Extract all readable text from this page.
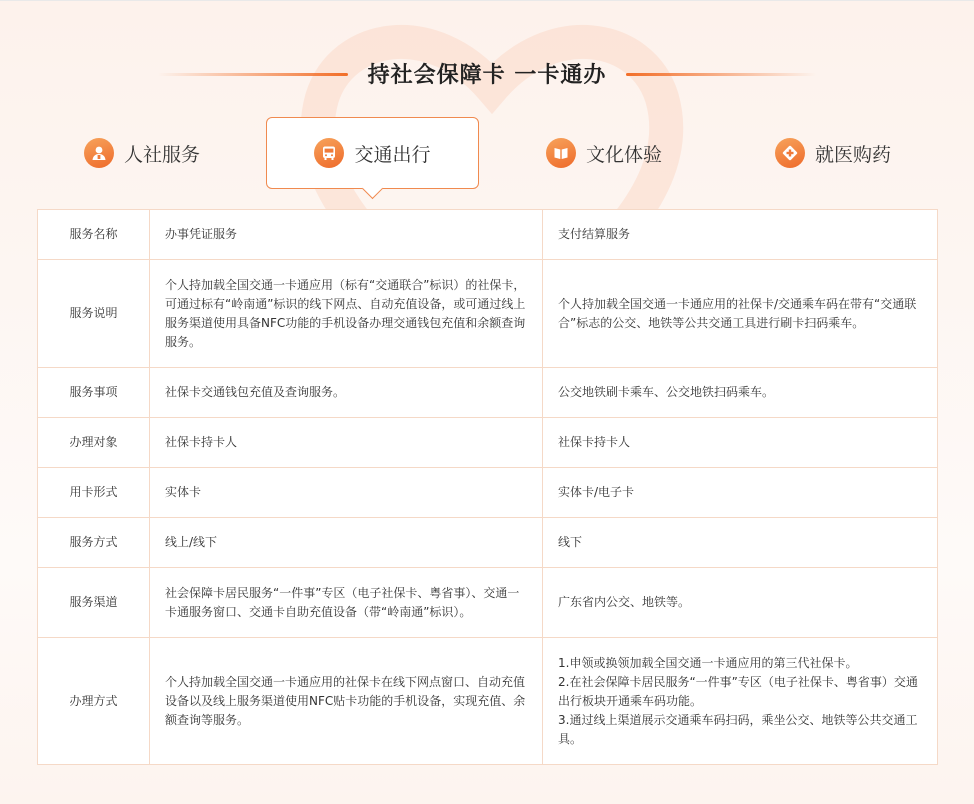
持社会保障卡 一卡通办
人社服务	交通出行	文化体验	就医购药
服务名称	办事凭证服务	支付结算服务
服务说明	个人持加载全国交通一卡通应用（标有“交通联合”标识）的社保卡，可通过标有“岭南通”标识的线下网点、自动充值设备，或可通过线上服务渠道使用具备NFC功能的手机设备办理交通钱包充值和余额查询服务。	个人持加载全国交通一卡通应用的社保卡/交通乘车码在带有“交通联合”标志的公交、地铁等公共交通工具进行刷卡扫码乘车。
服务事项	社保卡交通钱包充值及查询服务。	公交地铁刷卡乘车、公交地铁扫码乘车。
办理对象	社保卡持卡人	社保卡持卡人
用卡形式	实体卡	实体卡/电子卡
服务方式	线上/线下	线下
服务渠道	社会保障卡居民服务“一件事”专区（电子社保卡、粤省事）、交通一卡通服务窗口、交通卡自助充值设备（带“岭南通”标识）。	广东省内公交、地铁等。
办理方式	个人持加载全国交通一卡通应用的社保卡在线下网点窗口、自动充值设备以及线上服务渠道使用NFC贴卡功能的手机设备，实现充值、余额查询等服务。	1.申领或换领加载全国交通一卡通应用的第三代社保卡。
2.在社会保障卡居民服务“一件事”专区（电子社保卡、粤省事）交通出行板块开通乘车码功能。
3.通过线上渠道展示交通乘车码扫码，乘坐公交、地铁等公共交通工具。
